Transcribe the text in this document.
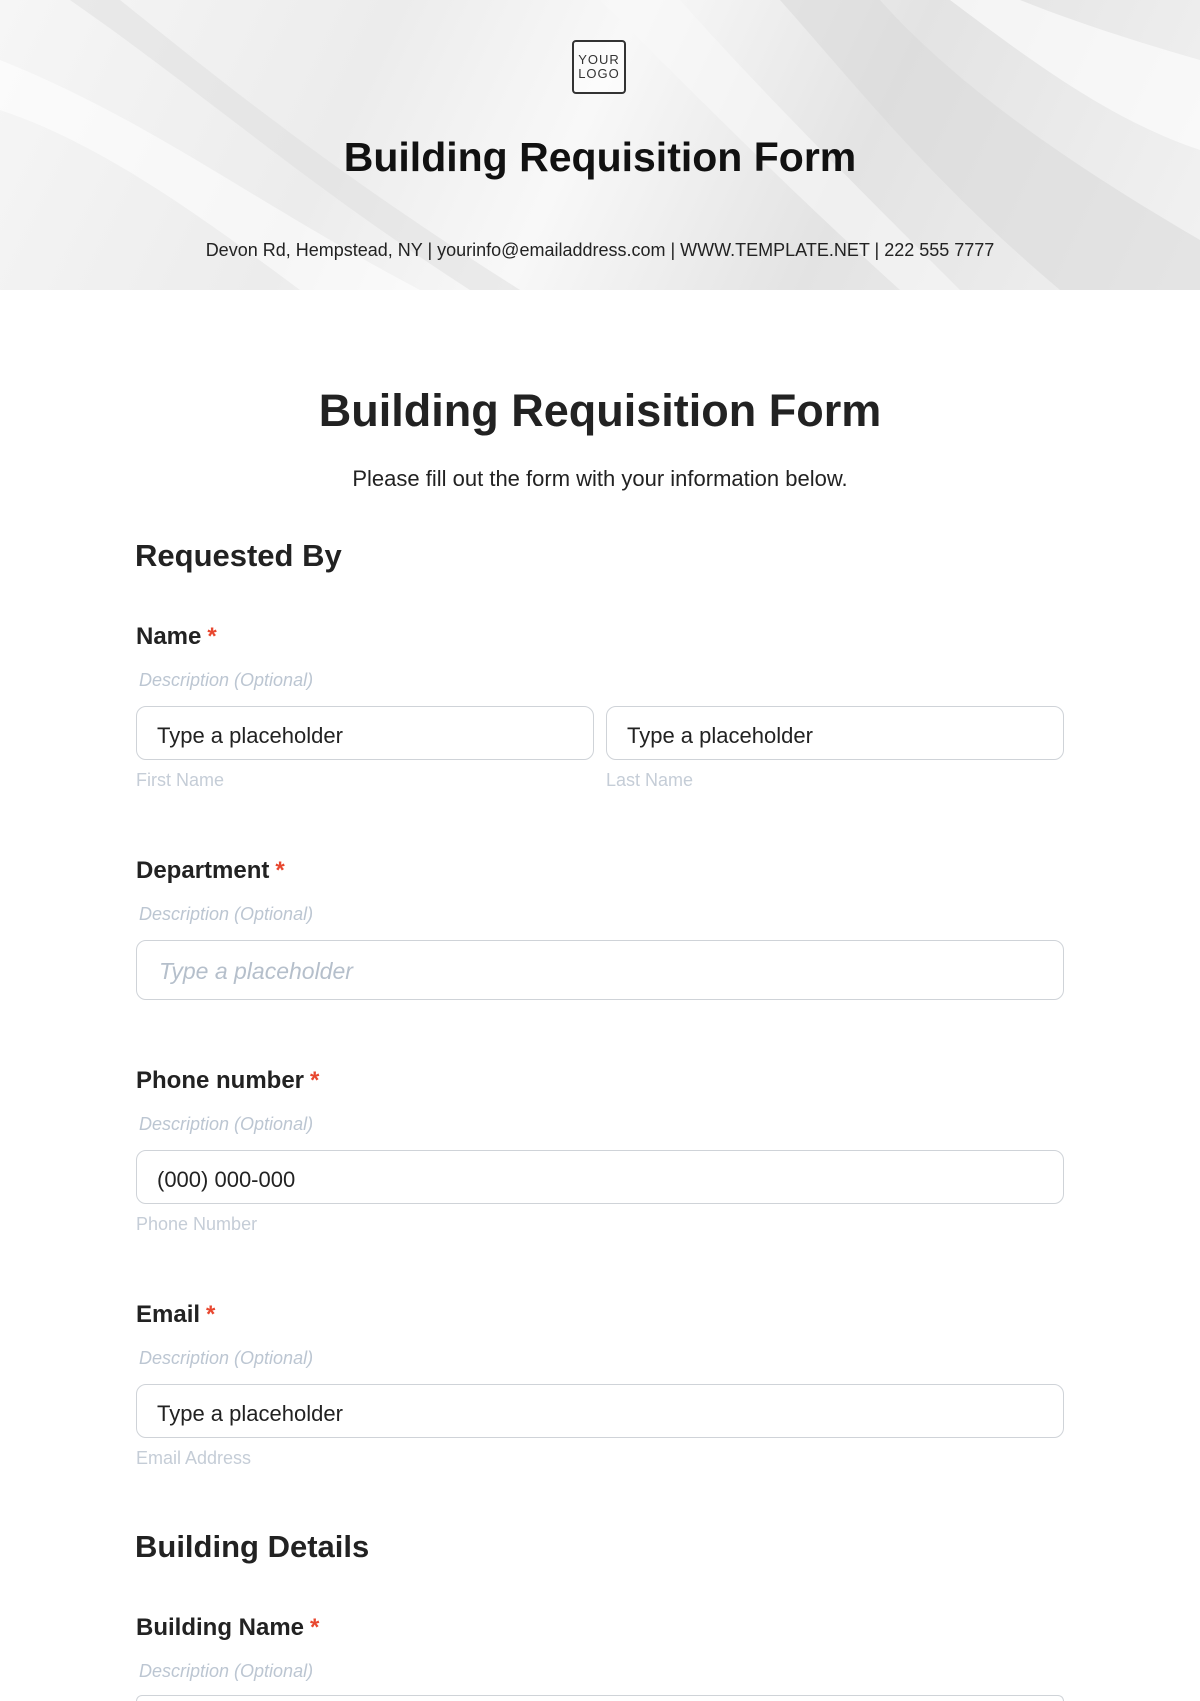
YOUR
LOGO
Building Requisition Form
Devon Rd, Hempstead, NY | yourinfo@emailaddress.com | WWW.TEMPLATE.NET | 222 555 7777
Building Requisition Form
Please fill out the form with your information below.
Requested By
Name *
Description (Optional)
Type a placeholder	Type a placeholder
First Name	Last Name
Department *
Description (Optional)
Type a placeholder
Phone number *
Description (Optional)
(000) 000-000
Phone Number
Email *
Description (Optional)
Type a placeholder
Email Address
Building Details
Building Name *
Description (Optional)
